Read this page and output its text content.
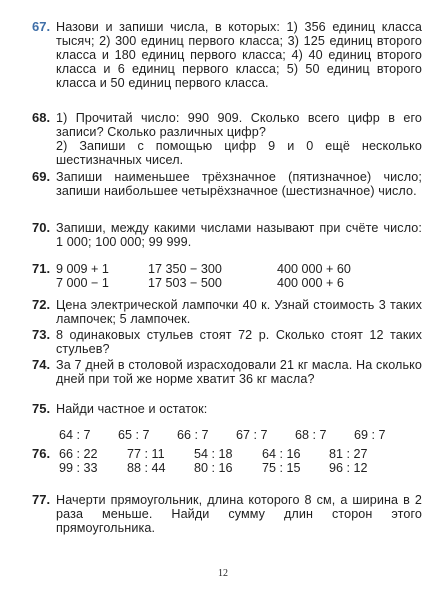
67. Назови и запиши числа, в которых: 1) 356 единиц класса тысяч; 2) 300 единиц первого класса; 3) 125 единиц второго класса и 180 единиц первого класса; 4) 40 единиц второго класса и 6 единиц первого класса; 5) 50 единиц второго класса и 50 единиц первого класса.
68. 1) Прочитай число: 990 909. Сколько всего цифр в его записи? Сколько различных цифр?

2) Запиши с помощью цифр 9 и 0 ещё несколько шестизначных чисел.

69. Запиши наименьшее трёхзначное (пятизначное) число; запиши наибольшее четырёхзначное (шестизначное) число.
70. Запиши, между какими числами называют при счёте число: 1 000; 100 000; 99 999.
71. 9 009 + 1
7 000 − 1
17 350 − 300
17 503 − 500
400 000 + 60
400 000 + 6
72. Цена электрической лампочки 40 к. Узнай стоимость 3 таких лампочек; 5 лампочек.
73. 8 одинаковых стульев стоят 72 р. Сколько стоят 12 таких стульев?
74. За 7 дней в столовой израсходовали 21 кг масла. На сколько дней при той же норме хватит 36 кг масла?
75. Найди частное и остаток:
64 : 7 65 : 7 66 : 7 67 : 7 68 : 7 69 : 7
76. 66 : 22 77 : 11 54 : 18 64 : 16 81 : 27
99 : 33 88 : 44 80 : 16 75 : 15 96 : 12
77. Начерти прямоугольник, длина которого 8 см, а ширина в 2 раза меньше. Найди сумму длин сторон этого прямоугольника.
12
